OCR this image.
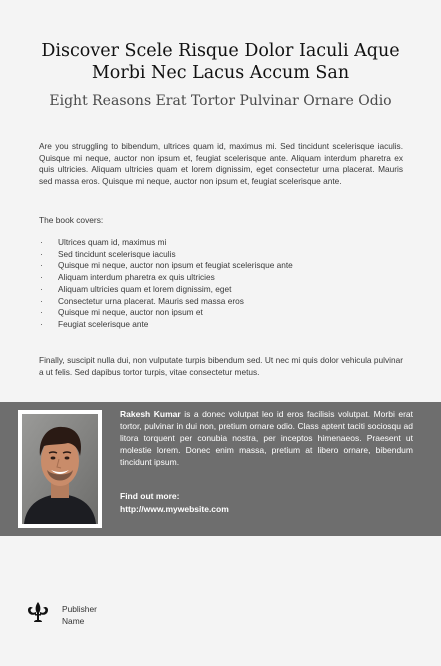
Discover Scele Risque Dolor Iaculi Aque Morbi Nec Lacus Accum San
Eight Reasons Erat Tortor Pulvinar Ornare Odio

Are you struggling to bibendum, ultrices quam id, maximus mi. Sed tincidunt scelerisque iaculis. Quisque mi neque, auctor non ipsum et, feugiat scelerisque ante. Aliquam interdum pharetra ex quis ultricies. Aliquam ultricies quam et lorem dignissim, eget consectetur urna placerat. Mauris sed massa eros. Quisque mi neque, auctor non ipsum et, feugiat scelerisque ante.

The book covers:

· Ultrices quam id, maximus mi
· Sed tincidunt scelerisque iaculis
· Quisque mi neque, auctor non ipsum et feugiat scelerisque ante
· Aliquam interdum pharetra ex quis ultricies
· Aliquam ultricies quam et lorem dignissim, eget
· Consectetur urna placerat. Mauris sed massa eros
· Quisque mi neque, auctor non ipsum et
· Feugiat scelerisque ante

Finally, suscipit nulla dui, non vulputate turpis bibendum sed. Ut nec mi quis dolor vehicula pulvinar a ut felis. Sed dapibus tortor turpis, vitae consectetur metus.

Rakesh Kumar is a donec volutpat leo id eros facilisis volutpat. Morbi erat tortor, pulvinar in dui non, pretium ornare odio. Class aptent taciti sociosqu ad litora torquent per conubia nostra, per inceptos himenaeos. Praesent ut molestie lorem. Donec enim massa, pretium at libero ornare, bibendum tincidunt ipsum.

Find out more:

http://www.mywebsite.com

Publisher
Name
